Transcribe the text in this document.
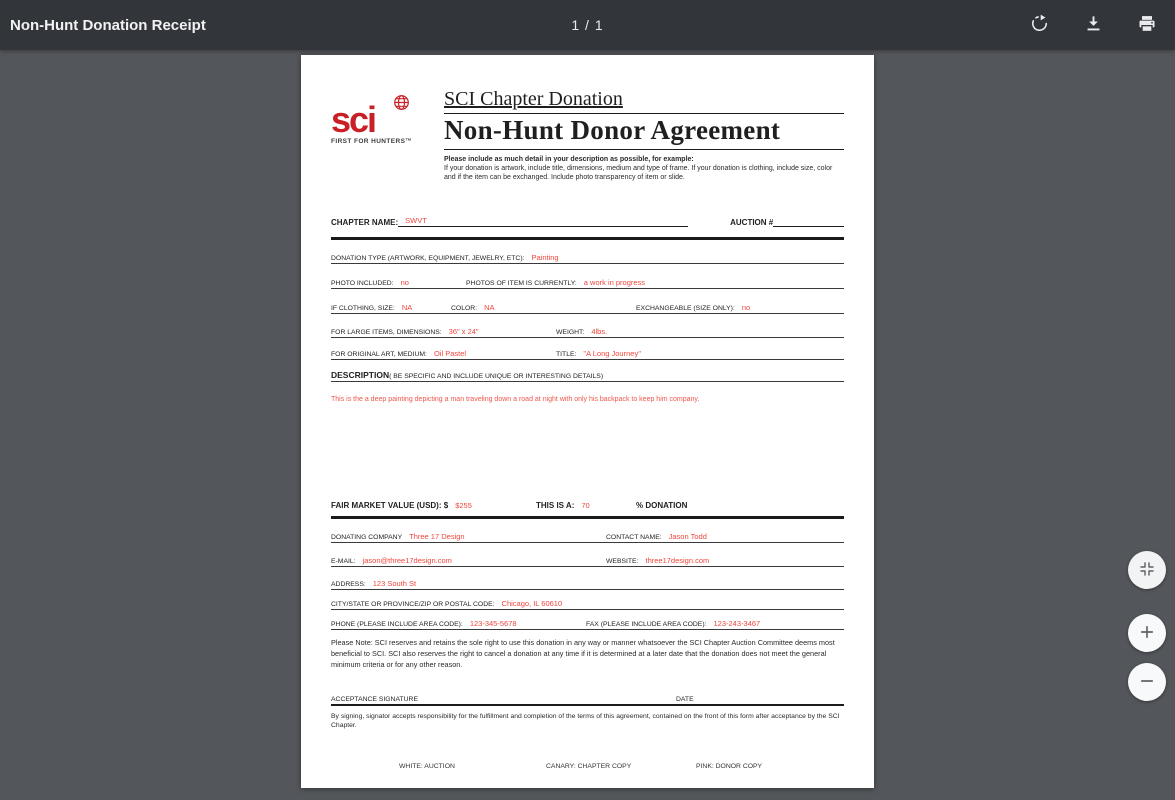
Non-Hunt Donation Receipt	1 / 1
sci
FIRST FOR HUNTERS™
SCI Chapter Donation
Non-Hunt Donor Agreement
Please include as much detail in your description as possible, for example:
If your donation is artwork, include title, dimensions, medium and type of frame. If your donation is clothing, include size, color and if the item can be exchanged. Include photo transparency of item or slide.
CHAPTER NAME: SWVT	AUCTION #
DONATION TYPE (ARTWORK, EQUIPMENT, JEWELRY, ETC): Painting
PHOTO INCLUDED: no	PHOTOS OF ITEM IS CURRENTLY: a work in progress
IF CLOTHING, SIZE: NA	COLOR: NA	EXCHANGEABLE (SIZE ONLY): no
FOR LARGE ITEMS, DIMENSIONS: 36" x 24"	WEIGHT: 4lbs.
FOR ORIGINAL ART, MEDIUM: Oil Pastel	TITLE: "A Long Journey"
DESCRIPTION ( BE SPECIFIC AND INCLUDE UNIQUE OR INTERESTING DETAILS)
This is the a deep painting depicting a man traveling down a road at night with only his backpack to keep him company.
FAIR MARKET VALUE (USD): $ $255	THIS IS A: 70	% DONATION
DONATING COMPANY Three 17 Design	CONTACT NAME: Jason Todd
E-MAIL: jason@three17design.com	WEBSITE: three17design.com
ADDRESS: 123 South St
CITY/STATE OR PROVINCE/ZIP OR POSTAL CODE: Chicago, IL 60610
PHONE (PLEASE INCLUDE AREA CODE): 123-345-5678	FAX (PLEASE INCLUDE AREA CODE): 123-243-3467
Please Note: SCI reserves and retains the sole right to use this donation in any way or manner whatsoever the SCI Chapter Auction Committee deems most beneficial to SCI. SCI also reserves the right to cancel a donation at any time if it is determined at a later date that the donation does not meet the general minimum criteria or for any other reason.
ACCEPTANCE SIGNATURE	DATE
By signing, signator accepts responsibility for the fulfillment and completion of the terms of this agreement, contained on the front of this form after acceptance by the SCI Chapter.
WHITE: AUCTION	CANARY: CHAPTER COPY	PINK: DONOR COPY
